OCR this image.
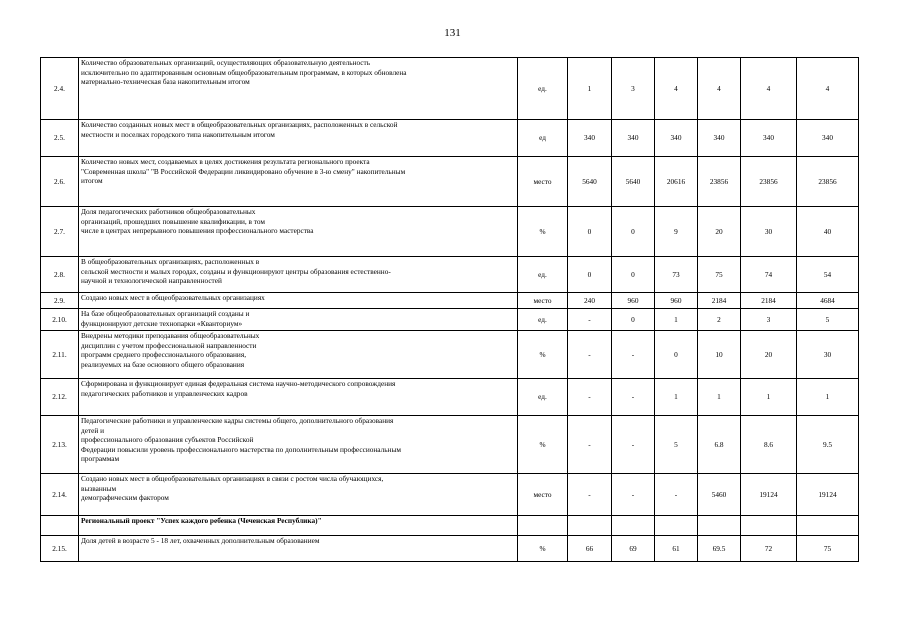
131
2.4.	Количество образовательных организаций, осуществляющих образовательную деятельность
исключительно по адаптированным основным общеобразовательным программам, в которых обновлена
материально-техническая база накопительным итогом	ед.	1	3	4	4	4	4
2.5.	Количество созданных новых мест в общеобразовательных организациях, расположенных в сельской
местности и поселках городского типа накопительным итогом	ед	340	340	340	340	340	340
2.6.	Количество новых мест, создаваемых в целях достижения результата регионального проекта
"Современная школа" "В Российской Федерации ликвидировано обучение в 3-ю смену" накопительным
итогом	место	5640	5640	20616	23856	23856	23856
2.7.	Доля педагогических работников общеобразовательных
организаций, прошедших повышение квалификации, в том
числе в центрах непрерывного повышения профессионального мастерства	%	0	0	9	20	30	40
2.8.	В общеобразовательных организациях, расположенных в
сельской местности и малых городах, созданы и функционируют центры образования естественно-
научной и технологической направленностей	ед.	0	0	73	75	74	54
2.9.	Создано новых мест в общеобразовательных организациях	место	240	960	960	2184	2184	4684
2.10.	На базе общеобразовательных организаций созданы и
функционируют детские технопарки «Кванториум»	ед.	-	0	1	2	3	5
2.11.	Внедрены методики преподавания общеобразовательных
дисциплин с учетом профессиональной направленности
программ среднего профессионального образования,
реализуемых на базе основного общего образования	%	-	-	0	10	20	30
2.12.	Сформирована и функционирует единая федеральная система научно-методического сопровождения
педагогических работников и управленческих кадров	ед.	-	-	1	1	1	1
2.13.	Педагогические работники и управленческие кадры системы общего, дополнительного образования
детей и
профессионального образования субъектов Российской
Федерации повысили уровень профессионального мастерства по дополнительным профессиональным
программам	%	-	-	5	6.8	8.6	9.5
2.14.	Создано новых мест в общеобразовательных организациях в связи с ростом числа обучающихся,
вызванным
демографическим фактором	место	-	-	-	5460	19124	19124

	Региональный проект "Успех каждого ребенка (Чеченская Республика)"							

2.15.	Доля детей в возрасте 5 - 18 лет, охваченных дополнительным образованием	%	66	69	61	69.5	72	75
